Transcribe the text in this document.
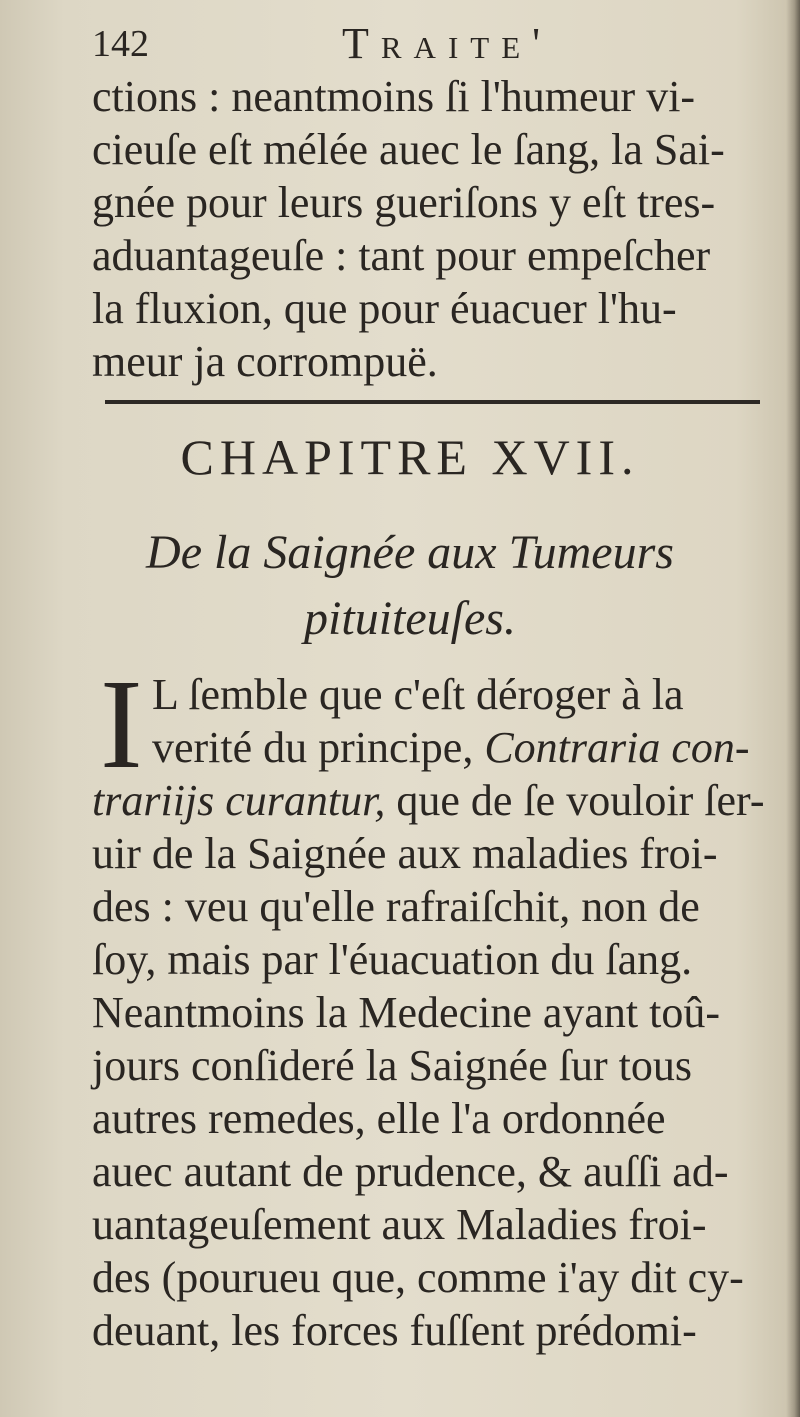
142	Traite'
ctions : neantmoins ſi l'humeur vi-
cieuſe eſt mélée auec le ſang, la Sai-
gnée pour leurs gueriſons y eſt tres-
aduantageuſe : tant pour empeſcher
la fluxion, que pour éuacuer l'hu-
meur ja corrompuë.
CHAPITRE XVII.
De la Saignée aux Tumeurs
pituiteuſes.
I L ſemble que c'eſt déroger à la
verité du principe, Contraria con-
trariijs curantur, que de ſe vouloir ſer-
uir de la Saignée aux maladies froi-
des : veu qu'elle rafraiſchit, non de
ſoy, mais par l'éuacuation du ſang.
Neantmoins la Medecine ayant toû-
jours conſideré la Saignée ſur tous
autres remedes, elle l'a ordonnée
auec autant de prudence, & auſſi ad-
uantageuſement aux Maladies froi-
des (pourueu que, comme i'ay dit cy-
deuant, les forces fuſſent prédomi-
